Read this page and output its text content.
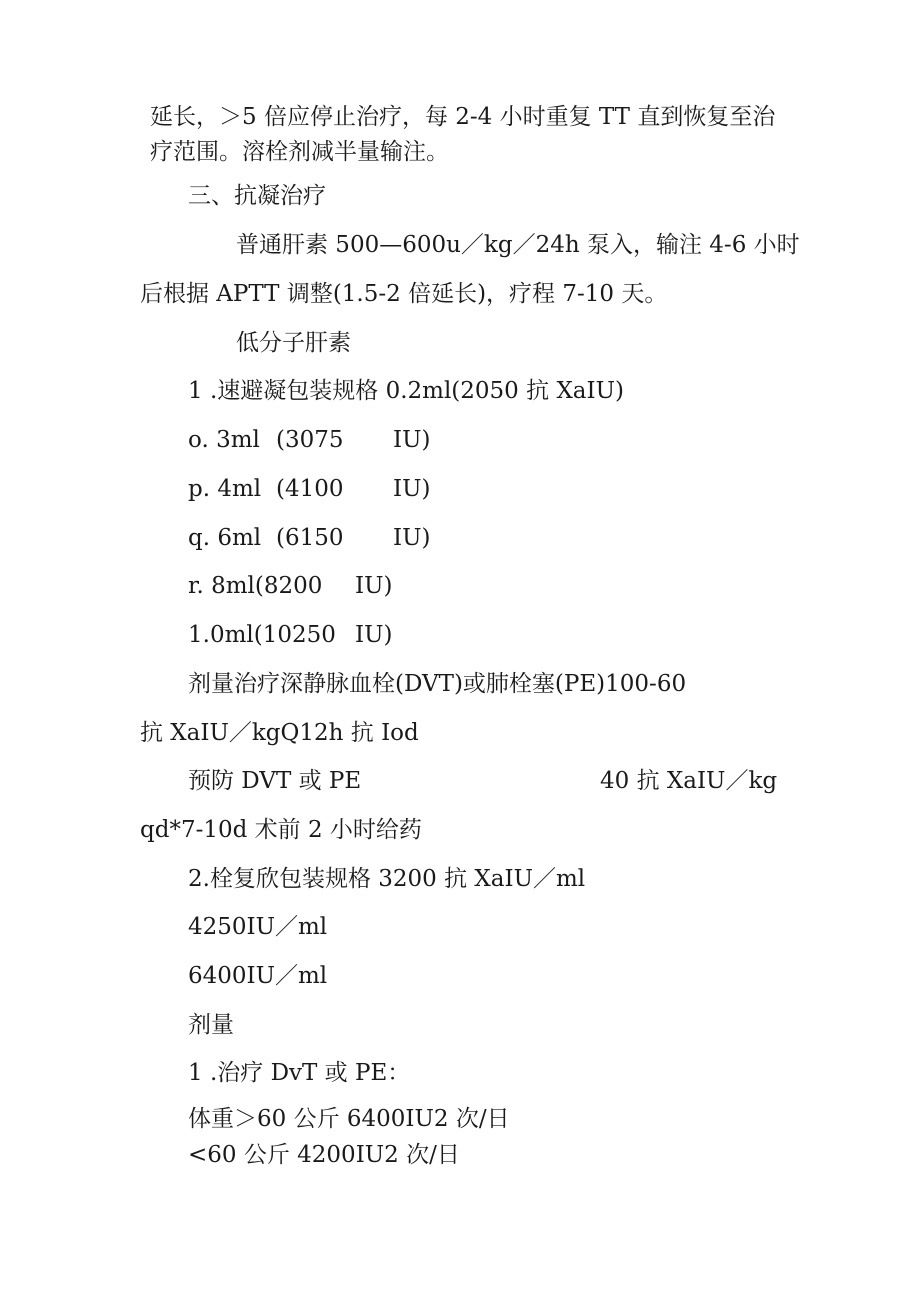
延长，＞5 倍应停止治疗，每 2-4 小时重复 TT 直到恢复至治
疗范围。溶栓剂减半量输注。
三、抗凝治疗
普通肝素 500—600u／kg／24h 泵入，输注 4-6 小时
后根据 APTT 调整(1.5-2 倍延长)，疗程 7-10 天。
低分子肝素
1 .速避凝包装规格 0.2ml(2050 抗 XaIU)
o. 3ml (3075 IU)
p. 4ml (4100 IU)
q. 6ml (6150 IU)
r. 8ml(8200 IU)
1.0ml(10250 IU)
剂量治疗深静脉血栓(DVT)或肺栓塞(PE)100-60
抗 XaIU／kgQ12h 抗 Iod
预防 DVT 或 PE	40 抗 XaIU／kg
qd*7-10d 术前 2 小时给药
2.栓复欣包装规格 3200 抗 XaIU／ml
4250IU／ml
6400IU／ml
剂量
1 .治疗 DvT 或 PE：
体重＞60 公斤 6400IU2 次/日
<60 公斤 4200IU2 次/日
